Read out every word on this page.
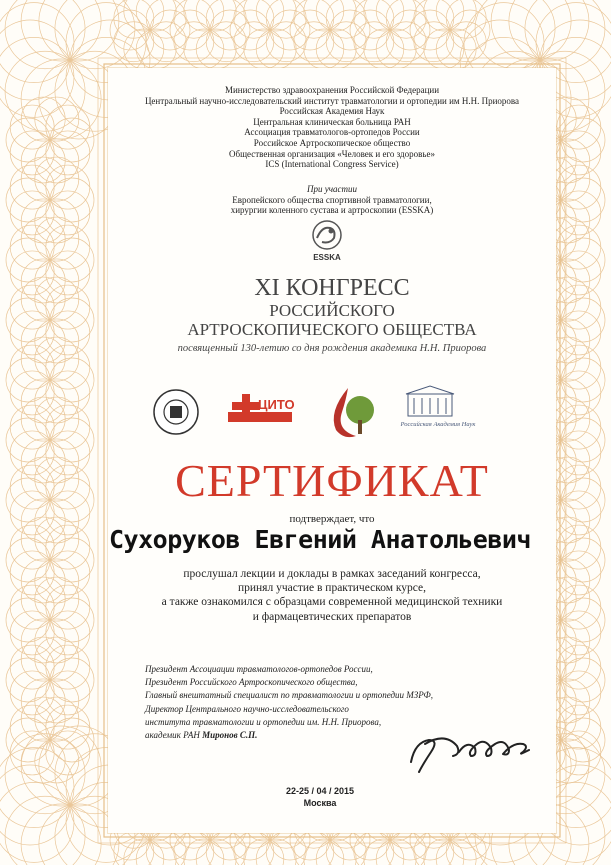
Министерство здравоохранения Российской Федерации
Центральный научно-исследовательский институт травматологии и ортопедии им Н.Н. Приорова
Российская Академия Наук
Центральная клиническая больница РАН
Ассоциация травматологов-ортопедов России
Российское Артроскопическое общество
Общественная организация «Человек и его здоровье»
ICS (International Congress Service)
При участии
Европейского общества спортивной травматологии,
хирургии коленного сустава и артроскопии (ESSKA)
ESSKA
XI КОНГРЕСС
РОССИЙСКОГО
АРТРОСКОПИЧЕСКОГО ОБЩЕСТВА
посвященный 130-летию со дня рождения академика Н.Н. Приорова
ЦИТО
Российская Академия Наук
СЕРТИФИКАТ
подтверждает, что
Сухоруков Евгений Анатольевич
прослушал лекции и доклады в рамках заседаний конгресса,
принял участие в практическом курсе,
а также ознакомился с образцами современной медицинской техники
и фармацевтических препаратов
Президент Ассоциации травматологов-ортопедов России,
Президент Российского Артроскопического общества,
Главный внештатный специалист по травматологии и ортопедии МЗРФ,
Директор Центрального научно-исследовательского
института травматологии и ортопедии им. Н.Н. Приорова,
академик РАН Миронов С.П.
22-25 / 04 / 2015
Москва
